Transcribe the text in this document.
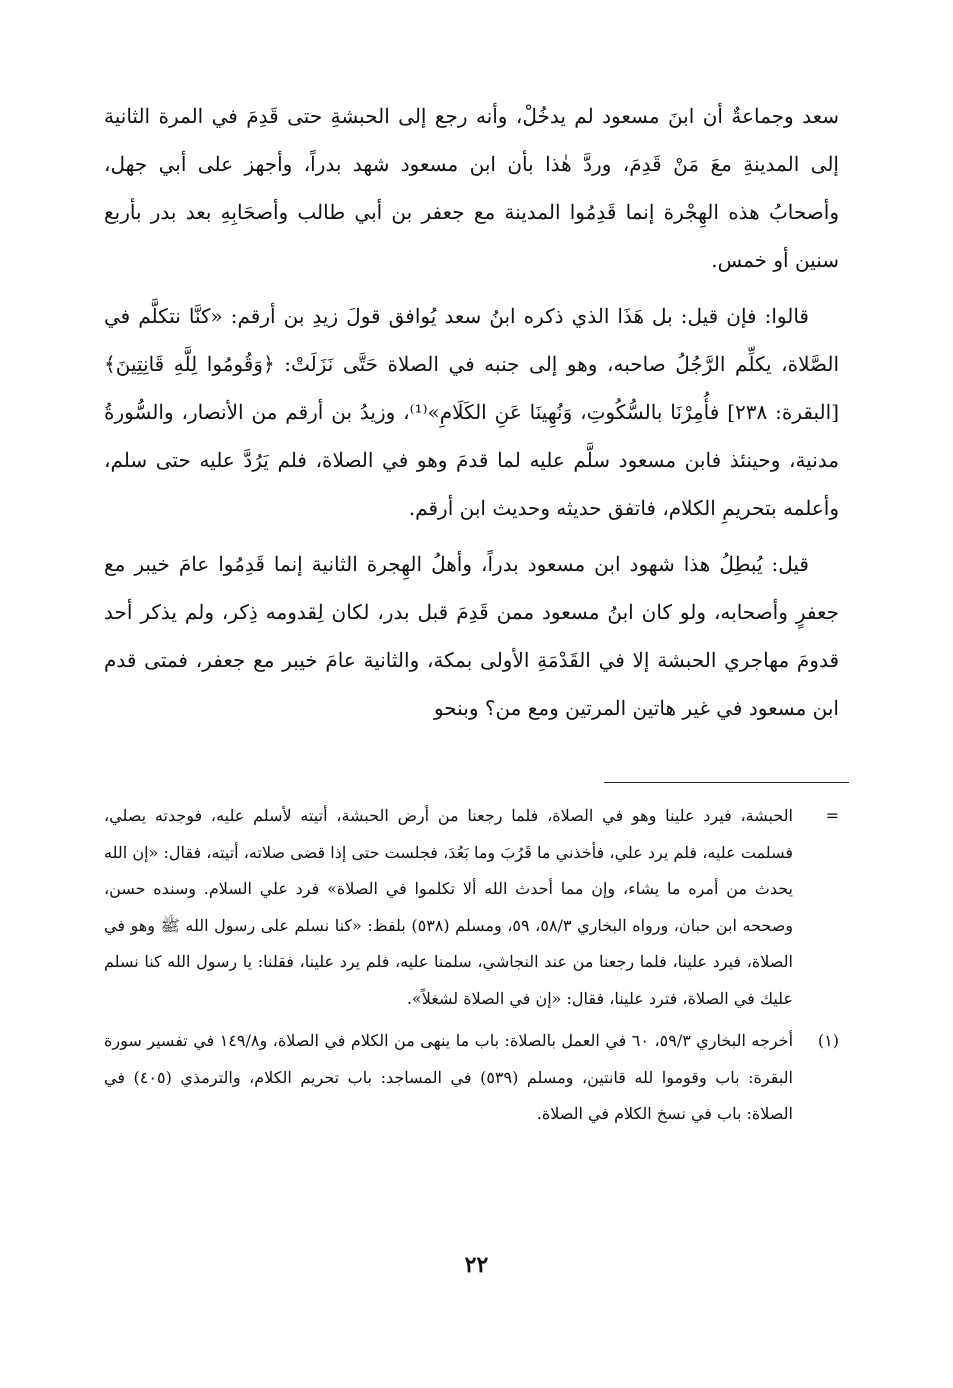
سعد وجماعةٌ أن ابنَ مسعود لم يدخُلْ، وأنه رجع إلى الحبشةِ حتى قَدِمَ في المرة الثانية إلى المدينةِ معَ مَنْ قَدِمَ، وردَّ هٰذا بأن ابن مسعود شهد بدراً، وأجهز على أبي جهل، وأصحابُ هذه الهِجْرة إنما قَدِمُوا المدينة مع جعفر بن أبي طالب وأصحَابِهِ بعد بدر بأربع سنين أو خمس.

قالوا: فإن قيل: بل هَذَا الذي ذكره ابنُ سعد يُوافق قولَ زيدِ بن أرقم: «كنَّا نتكلَّم في الصَّلاة، يكلِّم الرَّجُلُ صاحبه، وهو إلى جنبه في الصلاة حَتَّى نَزَلَتْ: ﴿وَقُومُوا لِلَّهِ قَانِتِينَ﴾ [البقرة: ٢٣٨] فأُمِرْنَا بالسُّكُوتِ، وَنُهِينَا عَنِ الكَلَامِ»⁽¹⁾، وزيدُ بن أرقم من الأنصار، والسُّورةُ مدنية، وحينئذ فابن مسعود سلَّم عليه لما قدمَ وهو في الصلاة، فلم يَرُدَّ عليه حتى سلم، وأعلمه بتحريمِ الكلام، فاتفق حديثه وحديث ابن أرقم.

قيل: يُبطِلُ هذا شهود ابن مسعود بدراً، وأهلُ الهِجرة الثانية إنما قَدِمُوا عامَ خيبر مع جعفرٍ وأصحابه، ولو كان ابنُ مسعود ممن قَدِمَ قبل بدر، لكان لِقدومه ذِكر، ولم يذكر أحد قدومَ مهاجري الحبشة إلا في القَدْمَةِ الأولى بمكة، والثانية عامَ خيبر مع جعفر، فمتى قدم ابن مسعود في غير هاتين المرتين ومع من؟ وبنحو

=
الحبشة، فيرد علينا وهو في الصلاة، فلما رجعنا من أرض الحبشة، أتيته لأسلم عليه، فوجدته يصلي، فسلمت عليه، فلم يرد علي، فأخذني ما قَرُبَ وما بَعُدَ، فجلست حتى إذا قضى صلاته، أتيته، فقال: «إن الله يحدث من أمره ما يشاء، وإن مما أحدث الله ألا تكلموا في الصلاة» فرد علي السلام. وسنده حسن، وصححه ابن حبان، ورواه البخاري ٥٨/٣، ٥٩، ومسلم (٥٣٨) بلفظ: «كنا نسلم على رسول الله ﷺ وهو في الصلاة، فيرد علينا، فلما رجعنا من عند النجاشي، سلمنا عليه، فلم يرد علينا، فقلنا: يا رسول الله كنا نسلم عليك في الصلاة، فترد علينا، فقال: «إن في الصلاة لشغلاً».
(١)
أخرجه البخاري ٥٩/٣، ٦٠ في العمل بالصلاة: باب ما ينهى من الكلام في الصلاة، و١٤٩/٨ في تفسير سورة البقرة: باب وقوموا لله قانتين، ومسلم (٥٣٩) في المساجد: باب تحريم الكلام، والترمذي (٤٠٥) في الصلاة: باب في نسخ الكلام في الصلاة.
٢٢
